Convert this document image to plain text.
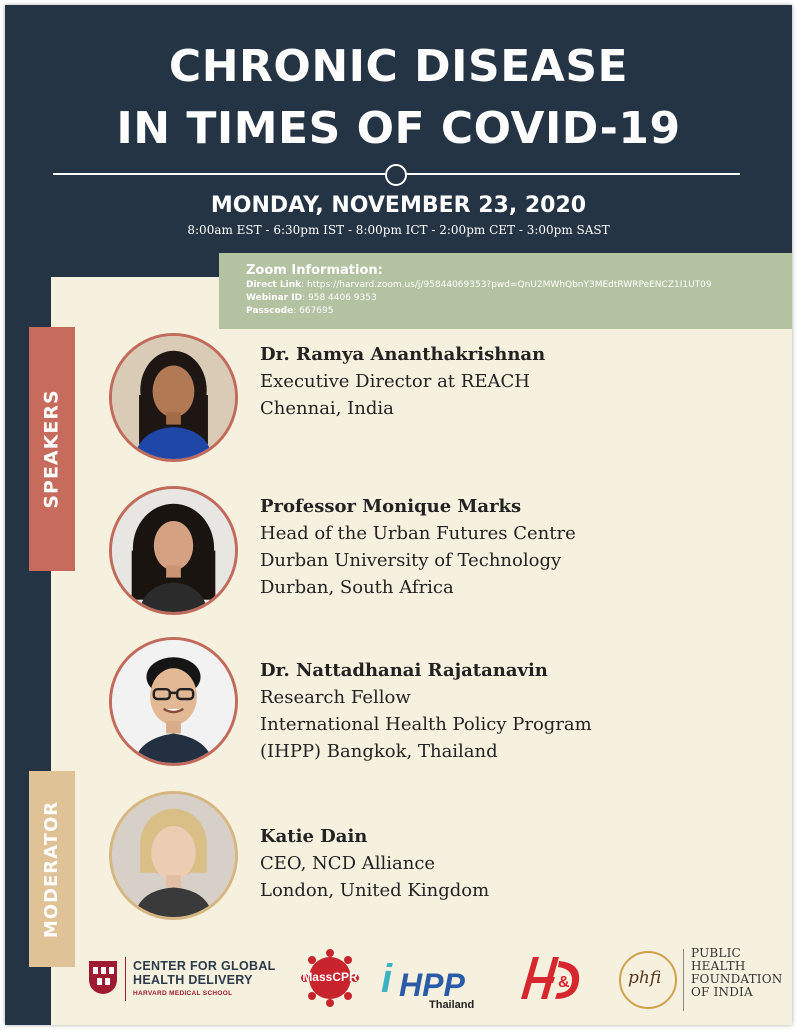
CHRONIC DISEASE
IN TIMES OF COVID-19
MONDAY, NOVEMBER 23, 2020
8:00am EST - 6:30pm IST - 8:00pm ICT - 2:00pm CET - 3:00pm SAST
Zoom Information:
Direct Link: https://harvard.zoom.us/j/95844069353?pwd=QnU2MWhQbnY3MEdtRWRPeENCZ1I1UT09
Webinar ID: 958 4406 9353
Passcode: 667695
SPEAKERS
MODERATOR
Dr. Ramya Ananthakrishnan
Executive Director at REACH
Chennai, India
Professor Monique Marks
Head of the Urban Futures Centre
Durban University of Technology
Durban, South Africa
Dr. Nattadhanai Rajatanavin
Research Fellow
International Health Policy Program
(IHPP) Bangkok, Thailand
Katie Dain
CEO, NCD Alliance
London, United Kingdom
CENTER FOR GLOBAL
HEALTH DELIVERY
HARVARD MEDICAL SCHOOL
MassCPR i HPP
Thailand
&	phfi
PUBLIC
HEALTH
FOUNDATION
OF INDIA
